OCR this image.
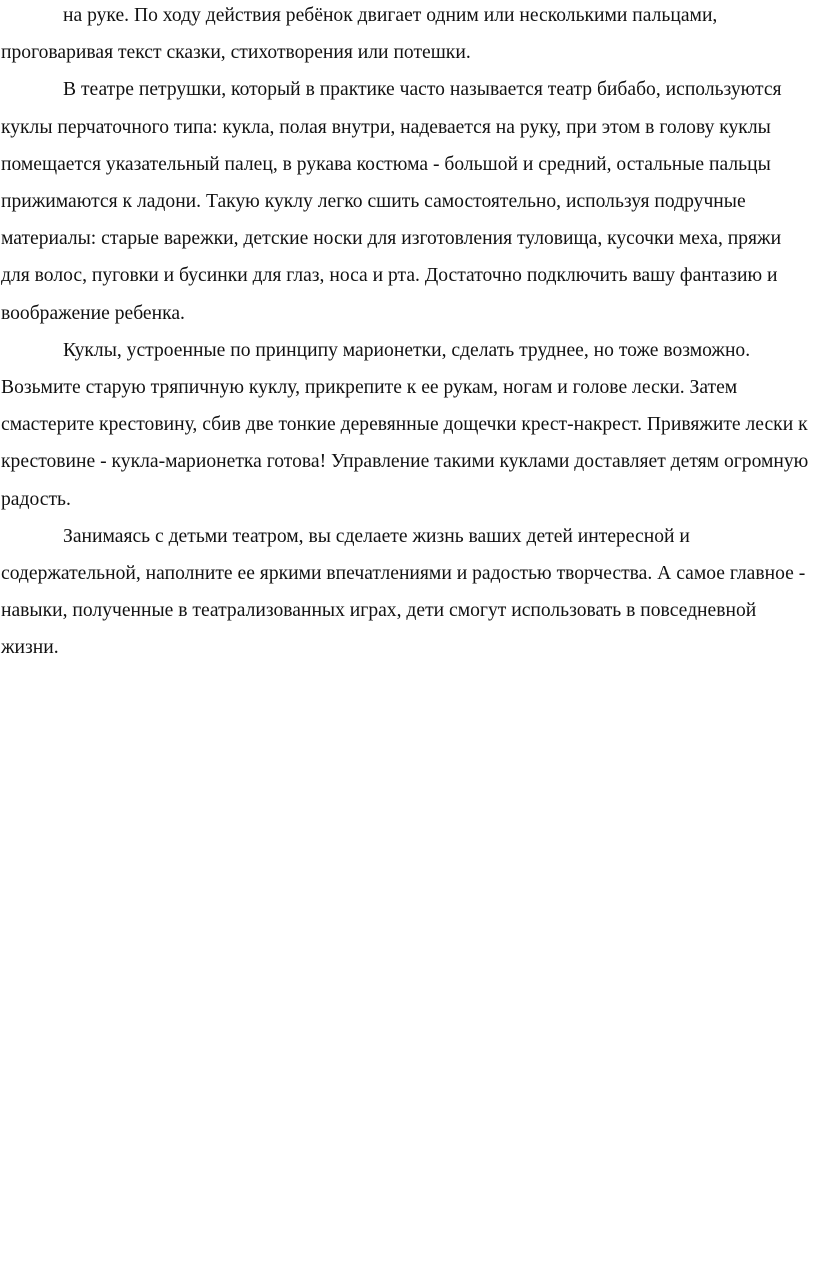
на руке. По ходу действия ребёнок двигает одним или несколькими пальцами, проговаривая текст сказки, стихотворения или потешки.

В театре петрушки, который в практике часто называется театр бибабо, используются куклы перчаточного типа: кукла, полая внутри, надевается на руку, при этом в голову куклы помещается указательный палец, в рукава костюма - большой и средний, остальные пальцы прижимаются к ладони. Такую куклу легко сшить самостоятельно, используя подручные материалы: старые варежки, детские носки для изготовления туловища, кусочки меха, пряжи для волос, пуговки и бусинки для глаз, носа и рта. Достаточно подключить вашу фантазию и воображение ребенка.

Куклы, устроенные по принципу марионетки, сделать труднее, но тоже возможно. Возьмите старую тряпичную куклу, прикрепите к ее рукам, ногам и голове лески. Затем смастерите крестовину, сбив две тонкие деревянные дощечки крест-накрест. Привяжите лески к крестовине - кукла-марионетка готова! Управление такими куклами доставляет детям огромную радость.

Занимаясь с детьми театром, вы сделаете жизнь ваших детей интересной и содержательной, наполните ее яркими впечатлениями и радостью творчества. А самое главное - навыки, полученные в театрализованных играх, дети смогут использовать в повседневной жизни.
